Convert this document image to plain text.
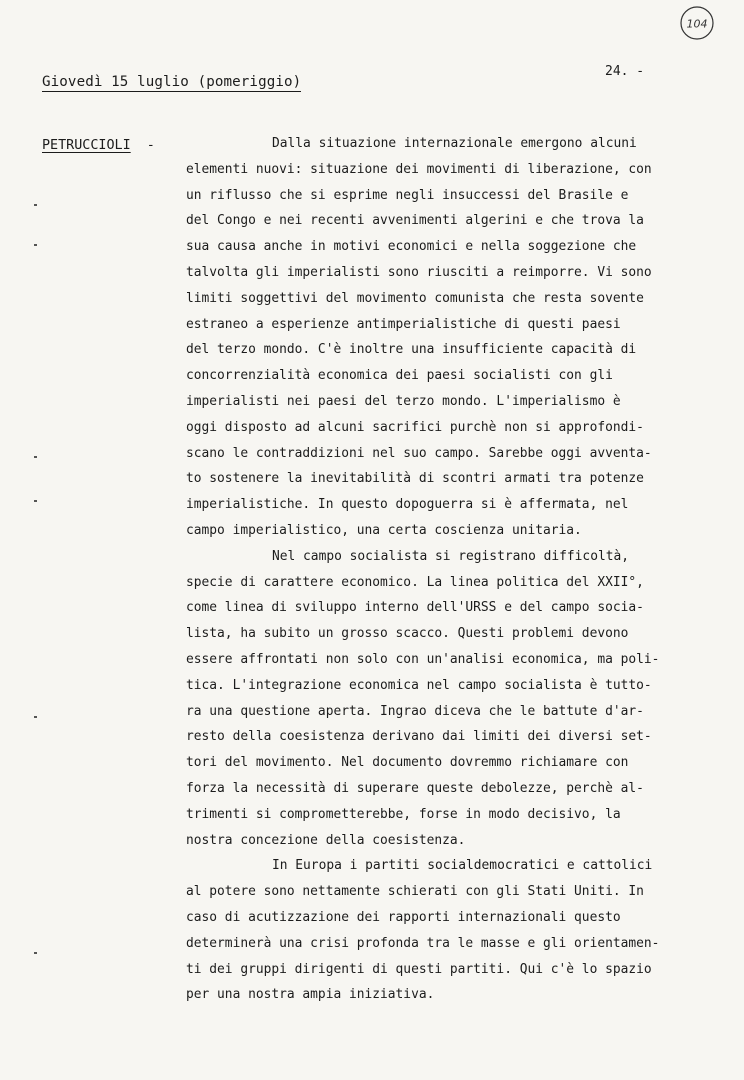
104
Giovedì 15 luglio (pomeriggio)
24. -
PETRUCCIOLI -	Dalla situazione internazionale emergono alcuni
elementi nuovi: situazione dei movimenti di liberazione, con
un riflusso che si esprime negli insuccessi del Brasile e
del Congo e nei recenti avvenimenti algerini e che trova la
sua causa anche in motivi economici e nella soggezione che
talvolta gli imperialisti sono riusciti a reimporre. Vi sono
limiti soggettivi del movimento comunista che resta sovente
estraneo a esperienze antimperialistiche di questi paesi
del terzo mondo. C'è inoltre una insufficiente capacità di
concorrenzialità economica dei paesi socialisti con gli
imperialisti nei paesi del terzo mondo. L'imperialismo è
oggi disposto ad alcuni sacrifici purchè non si approfondi-
scano le contraddizioni nel suo campo. Sarebbe oggi avventa-
to sostenere la inevitabilità di scontri armati tra potenze
imperialistiche. In questo dopoguerra si è affermata, nel
campo imperialistico, una certa coscienza unitaria.
Nel campo socialista si registrano difficoltà,
specie di carattere economico. La linea politica del XXII°,
come linea di sviluppo interno dell'URSS e del campo socia-
lista, ha subito un grosso scacco. Questi problemi devono
essere affrontati non solo con un'analisi economica, ma poli-
tica. L'integrazione economica nel campo socialista è tutto-
ra una questione aperta. Ingrao diceva che le battute d'ar-
resto della coesistenza derivano dai limiti dei diversi set-
tori del movimento. Nel documento dovremmo richiamare con
forza la necessità di superare queste debolezze, perchè al-
trimenti si comprometterebbe, forse in modo decisivo, la
nostra concezione della coesistenza.
In Europa i partiti socialdemocratici e cattolici
al potere sono nettamente schierati con gli Stati Uniti. In
caso di acutizzazione dei rapporti internazionali questo
determinerà una crisi profonda tra le masse e gli orientamen-
ti dei gruppi dirigenti di questi partiti. Qui c'è lo spazio
per una nostra ampia iniziativa.
